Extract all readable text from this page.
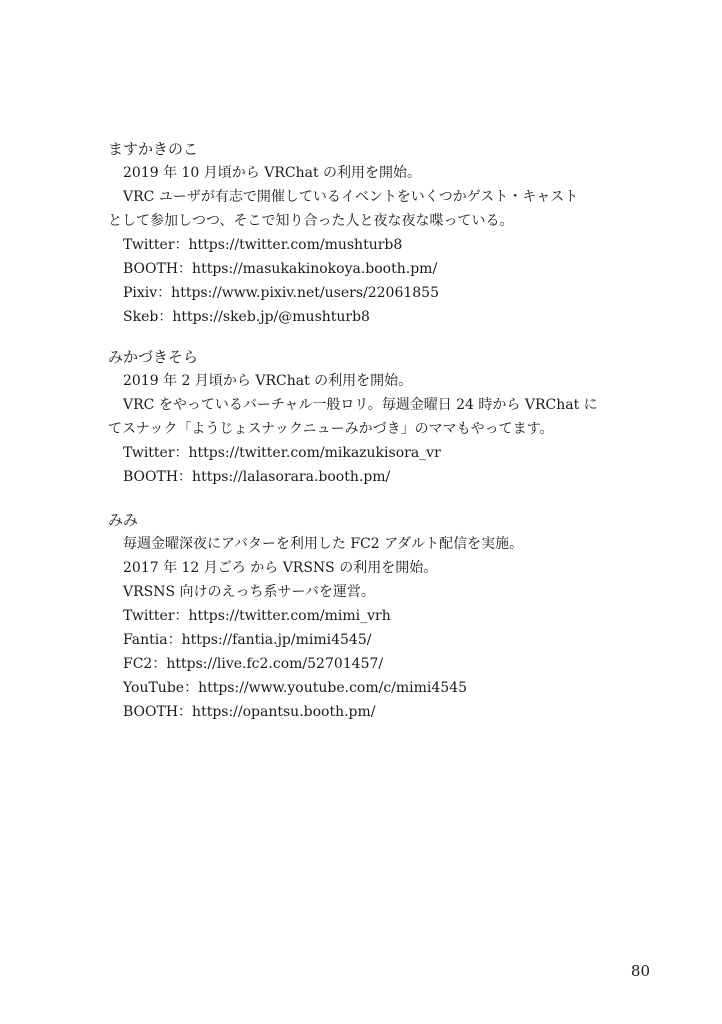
ますかきのこ
2019 年 10 月頃から VRChat の利用を開始。
VRC ユーザが有志で開催しているイベントをいくつかゲスト・キャスト
として参加しつつ、そこで知り合った人と夜な夜な喋っている。
Twitter：https://twitter.com/mushturb8
BOOTH：https://masukakinokoya.booth.pm/
Pixiv：https://www.pixiv.net/users/22061855
Skeb：https://skeb.jp/@mushturb8
みかづきそら
2019 年 2 月頃から VRChat の利用を開始。
VRC をやっているバーチャル一般ロリ。毎週金曜日 24 時から VRChat に
てスナック「ようじょスナックニューみかづき」のママもやってます。
Twitter：https://twitter.com/mikazukisora_vr
BOOTH：https://lalasorara.booth.pm/
みみ
毎週金曜深夜にアバターを利用した FC2 アダルト配信を実施。
2017 年 12 月ごろ から VRSNS の利用を開始。
VRSNS 向けのえっち系サーバを運営。
Twitter：https://twitter.com/mimi_vrh
Fantia：https://fantia.jp/mimi4545/
FC2：https://live.fc2.com/52701457/
YouTube：https://www.youtube.com/c/mimi4545
BOOTH：https://opantsu.booth.pm/
80
